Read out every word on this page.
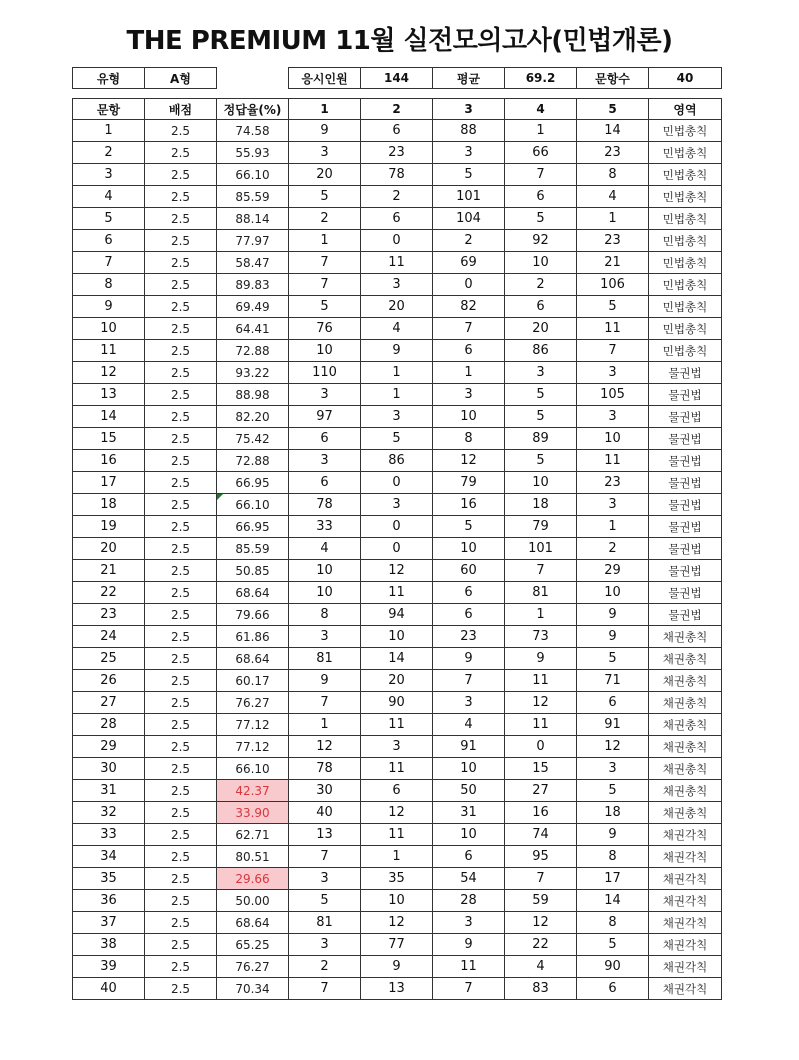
THE PREMIUM 11월 실전모의고사(민법개론)
유형	A형		응시인원	144	평균	69.2	문항수	40
문항	배점	정답율(%)	1	2	3	4	5	영역
1	2.5	74.58	9	6	88	1	14	민법총칙
2	2.5	55.93	3	23	3	66	23	민법총칙
3	2.5	66.10	20	78	5	7	8	민법총칙
4	2.5	85.59	5	2	101	6	4	민법총칙
5	2.5	88.14	2	6	104	5	1	민법총칙
6	2.5	77.97	1	0	2	92	23	민법총칙
7	2.5	58.47	7	11	69	10	21	민법총칙
8	2.5	89.83	7	3	0	2	106	민법총칙
9	2.5	69.49	5	20	82	6	5	민법총칙
10	2.5	64.41	76	4	7	20	11	민법총칙
11	2.5	72.88	10	9	6	86	7	민법총칙
12	2.5	93.22	110	1	1	3	3	물권법
13	2.5	88.98	3	1	3	5	105	물권법
14	2.5	82.20	97	3	10	5	3	물권법
15	2.5	75.42	6	5	8	89	10	물권법
16	2.5	72.88	3	86	12	5	11	물권법
17	2.5	66.95	6	0	79	10	23	물권법
18	2.5	66.10	78	3	16	18	3	물권법
19	2.5	66.95	33	0	5	79	1	물권법
20	2.5	85.59	4	0	10	101	2	물권법
21	2.5	50.85	10	12	60	7	29	물권법
22	2.5	68.64	10	11	6	81	10	물권법
23	2.5	79.66	8	94	6	1	9	물권법
24	2.5	61.86	3	10	23	73	9	채권총칙
25	2.5	68.64	81	14	9	9	5	채권총칙
26	2.5	60.17	9	20	7	11	71	채권총칙
27	2.5	76.27	7	90	3	12	6	채권총칙
28	2.5	77.12	1	11	4	11	91	채권총칙
29	2.5	77.12	12	3	91	0	12	채권총칙
30	2.5	66.10	78	11	10	15	3	채권총칙
31	2.5	42.37	30	6	50	27	5	채권총칙
32	2.5	33.90	40	12	31	16	18	채권총칙
33	2.5	62.71	13	11	10	74	9	채권각칙
34	2.5	80.51	7	1	6	95	8	채권각칙
35	2.5	29.66	3	35	54	7	17	채권각칙
36	2.5	50.00	5	10	28	59	14	채권각칙
37	2.5	68.64	81	12	3	12	8	채권각칙
38	2.5	65.25	3	77	9	22	5	채권각칙
39	2.5	76.27	2	9	11	4	90	채권각칙
40	2.5	70.34	7	13	7	83	6	채권각칙
